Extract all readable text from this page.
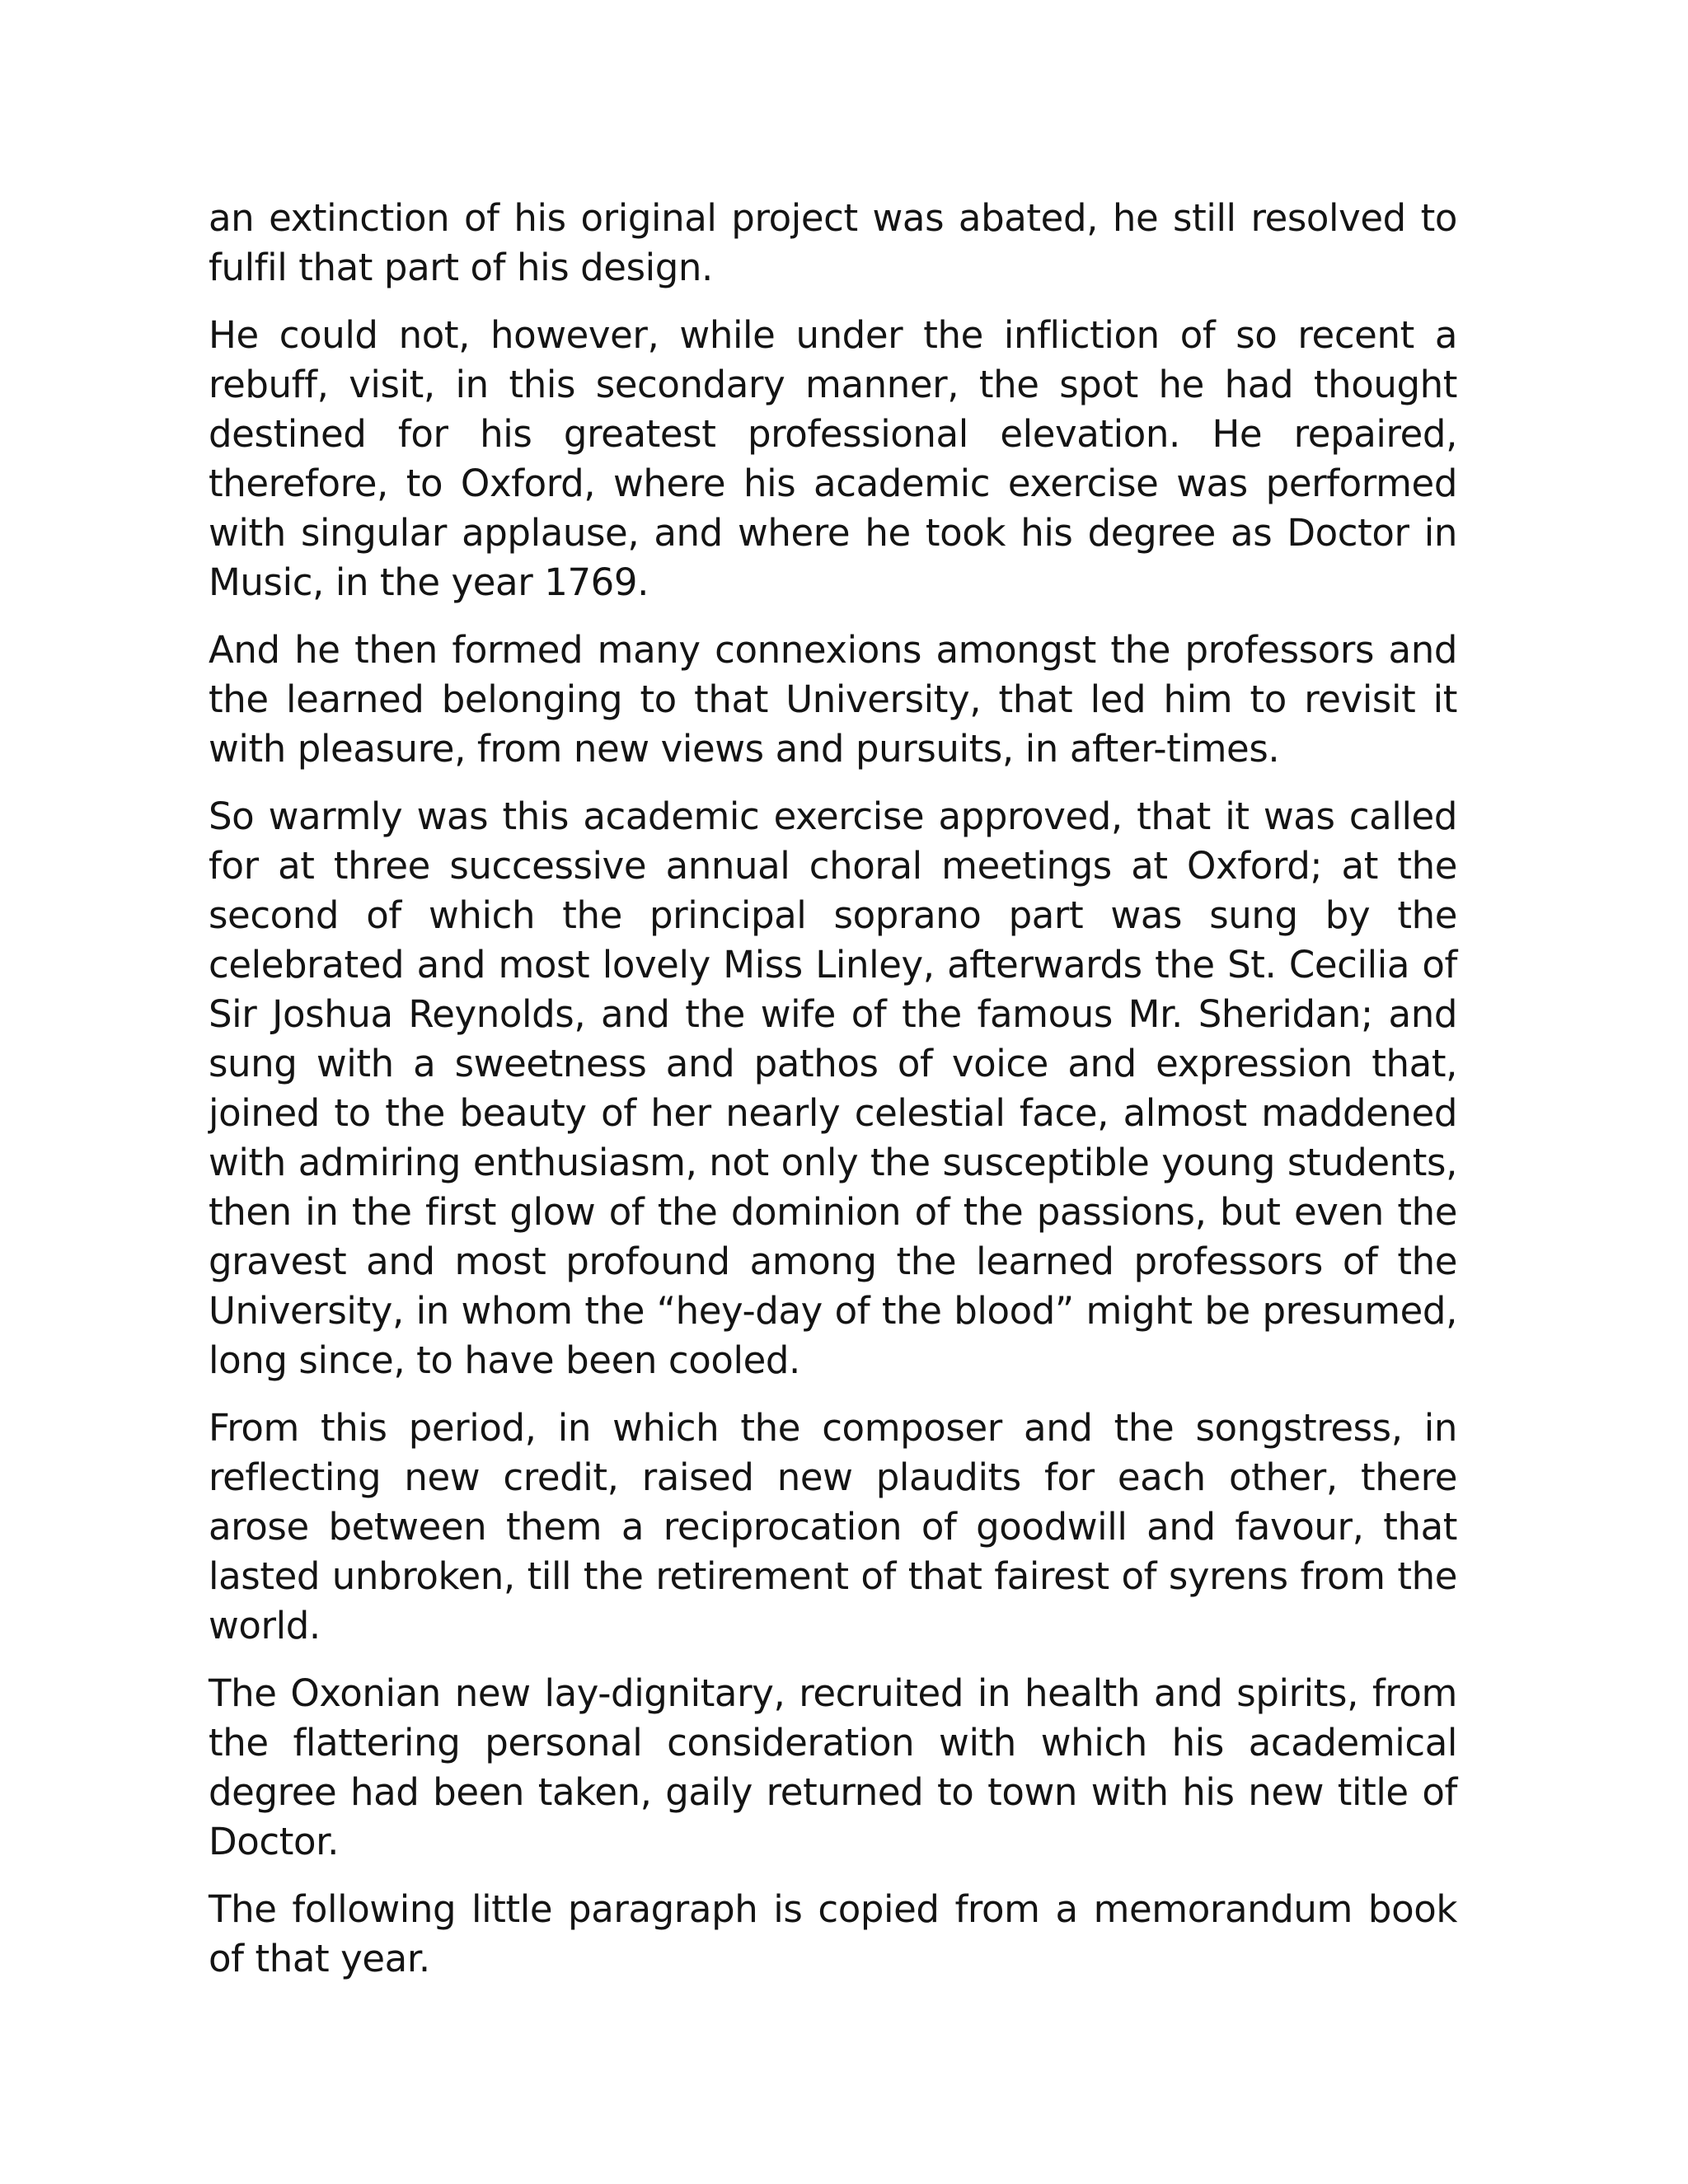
an extinction of his original project was abated, he still resolved to fulfil that part of his design.

He could not, however, while under the infliction of so recent a rebuff, visit, in this secondary manner, the spot he had thought destined for his greatest professional elevation. He repaired, therefore, to Oxford, where his academic exercise was performed with singular applause, and where he took his degree as Doctor in Music, in the year 1769.

And he then formed many connexions amongst the professors and the learned belonging to that University, that led him to revisit it with pleasure, from new views and pursuits, in after-times.

So warmly was this academic exercise approved, that it was called for at three successive annual choral meetings at Oxford; at the second of which the principal soprano part was sung by the celebrated and most lovely Miss Linley, afterwards the St. Cecilia of Sir Joshua Reynolds, and the wife of the famous Mr. Sheridan; and sung with a sweetness and pathos of voice and expression that, joined to the beauty of her nearly celestial face, almost maddened with admiring enthusiasm, not only the susceptible young students, then in the first glow of the dominion of the passions, but even the gravest and most profound among the learned professors of the University, in whom the “hey-day of the blood” might be presumed, long since, to have been cooled.

From this period, in which the composer and the songstress, in reflecting new credit, raised new plaudits for each other, there arose between them a reciprocation of goodwill and favour, that lasted unbroken, till the retirement of that fairest of syrens from the world.

The Oxonian new lay-dignitary, recruited in health and spirits, from the flattering personal consideration with which his academical degree had been taken, gaily returned to town with his new title of Doctor.

The following little paragraph is copied from a memorandum book of that year.
